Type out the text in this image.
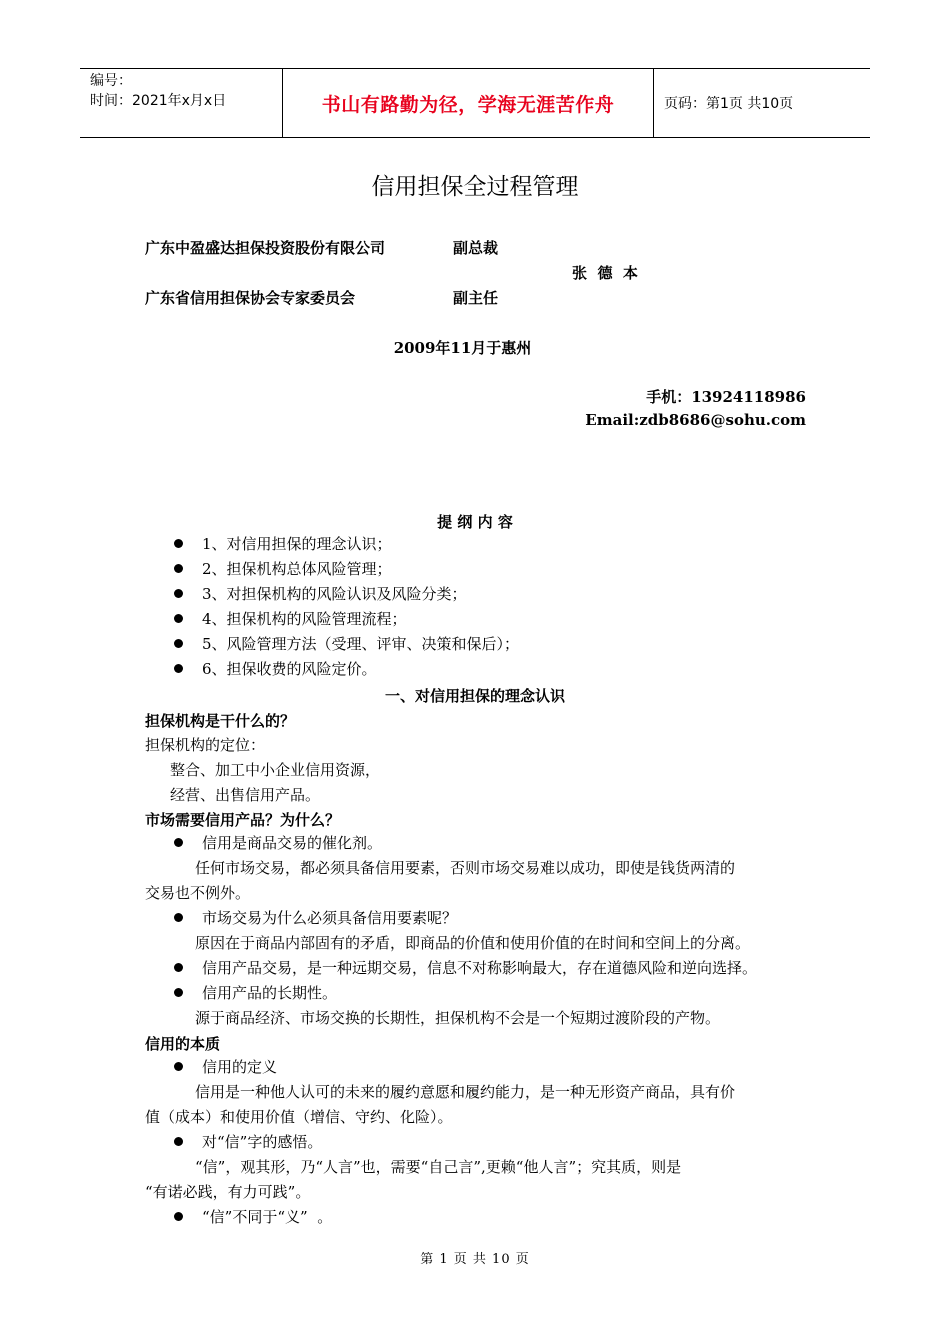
编号：
时间：2021年x月x日	书山有路勤为径，学海无涯苦作舟	页码：第1页 共10页
信用担保全过程管理
广东中盈盛达担保投资股份有限公司	副总裁
张  德  本
广东省信用担保协会专家委员会	副主任
2009年11月于惠州
手机：13924118986
Email:zdb8686@sohu.com
提 纲 内 容
1、对信用担保的理念认识；
2、担保机构总体风险管理；
3、对担保机构的风险认识及风险分类；
4、担保机构的风险管理流程；
5、风险管理方法（受理、评审、决策和保后）；
6、担保收费的风险定价。
一、对信用担保的理念认识
担保机构是干什么的？
担保机构的定位：
整合、加工中小企业信用资源，
经营、出售信用产品。
市场需要信用产品？为什么？
信用是商品交易的催化剂。
任何市场交易，都必须具备信用要素，否则市场交易难以成功，即使是钱货两清的
交易也不例外。
市场交易为什么必须具备信用要素呢？
原因在于商品内部固有的矛盾，即商品的价值和使用价值的在时间和空间上的分离。
信用产品交易，是一种远期交易，信息不对称影响最大，存在道德风险和逆向选择。
信用产品的长期性。
源于商品经济、市场交换的长期性，担保机构不会是一个短期过渡阶段的产物。
信用的本质
信用的定义
信用是一种他人认可的未来的履约意愿和履约能力，是一种无形资产商品，具有价
值（成本）和使用价值（增信、守约、化险）。
对“信”字的感悟。
“信”，观其形，乃“人言”也，需要“自己言”,更赖“他人言”；究其质，则是
“有诺必践，有力可践”。
“信”不同于“义”  。
第 1 页 共 10 页
